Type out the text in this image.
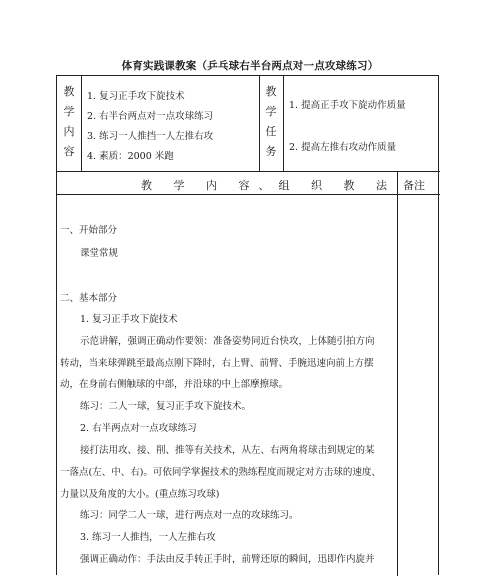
体育实践课教案（乒乓球右半台两点对一点攻球练习）
教
学
内
容
1. 复习正手攻下旋技术
2. 右半台两点对一点攻球练习
3. 练习一人推挡一人左推右攻
4. 素质：2000 米跑
教
学
任
务
1. 提高正手攻下旋动作质量
2. 提高左推右攻动作质量
教 学 内 容、组 织 教 法 备注
一、开始部分
课堂常规
二、基本部分
1. 复习正手攻下旋技术
示范讲解，强调正确动作要领：准备姿势同近台快攻，上体随引拍方向
转动，当来球弹跳至最高点刚下降时，右上臂、前臂、手腕迅速向前上方摆
动，在身前右侧触球的中部，并沿球的中上部摩擦球。
练习：二人一球，复习正手攻下旋技术。
2. 右半两点对一点攻球练习
接打法用攻、接、削、推等有关技术，从左、右两角将球击到规定的某
一落点(左、中、右)。可依同学掌握技术的熟练程度而规定对方击球的速度、
力量以及角度的大小。(重点练习攻球)
练习：同学二人一球，进行两点对一点的攻球练习。
3. 练习一人推挡，一人左推右攻
强调正确动作：手法由反手转正手时，前臂还原的瞬间，迅即作内旋并
